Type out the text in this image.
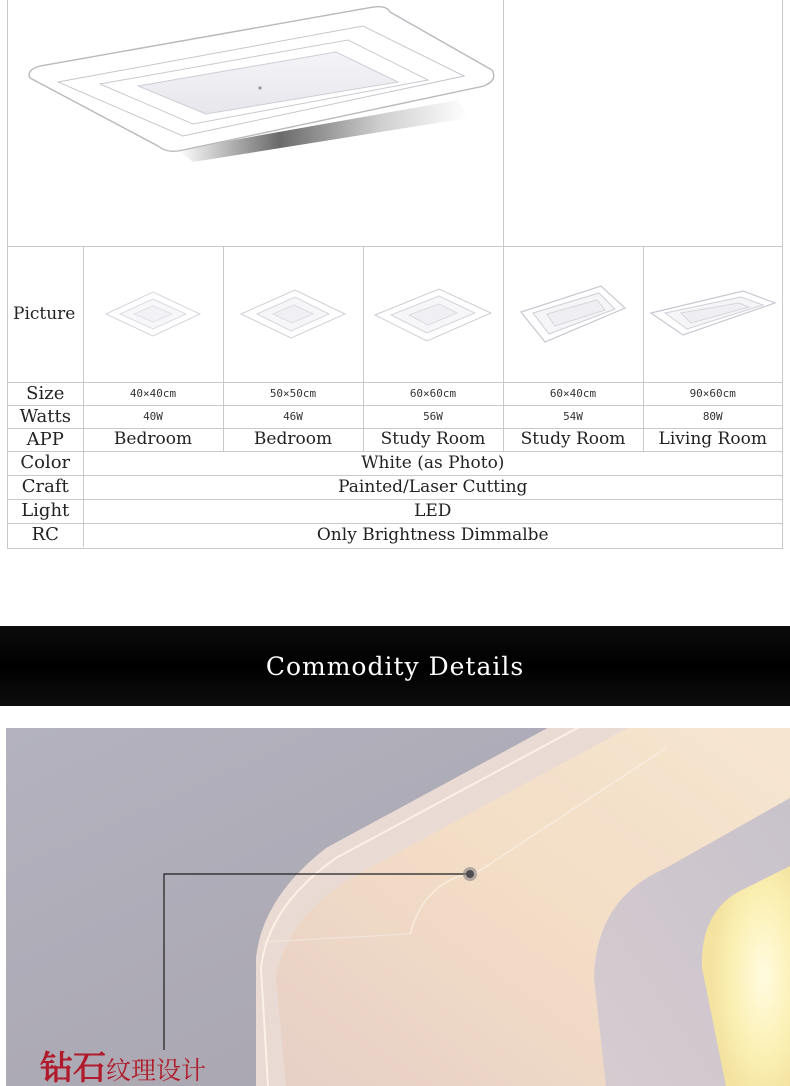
Picture	

Size	40×40cm	50×50cm	60×60cm	60×40cm	90×60cm
Watts	40W	46W	56W	54W	80W
APP	Bedroom	Bedroom	Study Room	Study Room	Living Room
Color	White (as Photo)				
Craft	Painted/Laser Cutting				
Light	LED				
RC	Only Brightness Dimmalbe				
Commodity Details
钻石纹理设计
